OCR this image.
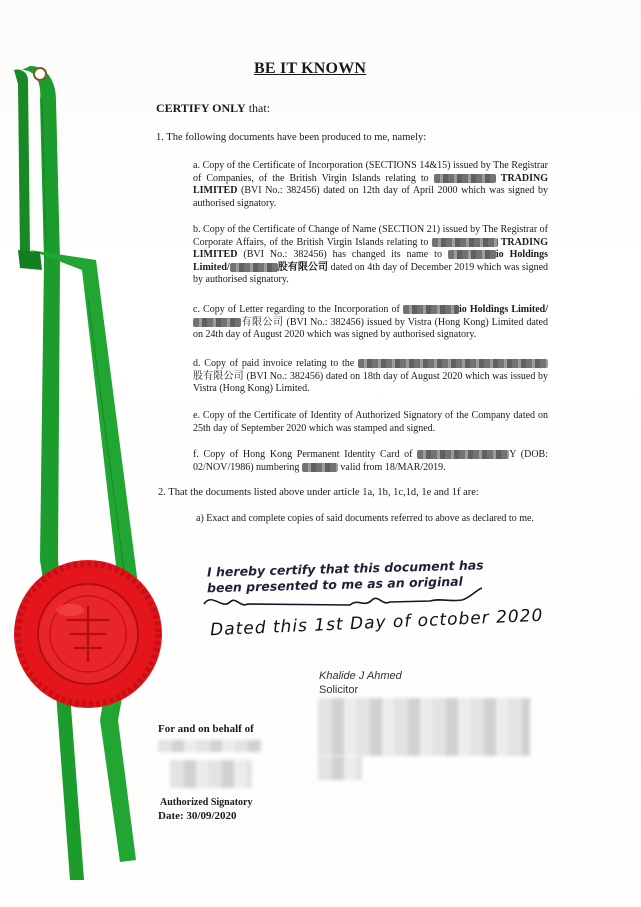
BE IT KNOWN
CERTIFY ONLY that:
1. The following documents have been produced to me, namely:
a. Copy of the Certificate of Incorporation (SECTIONS 14&15) issued by The Registrar of Companies, of the British Virgin Islands relating to	TRADING LIMITED (BVI No.: 382456) dated on 12th day of April 2000 which was signed by authorised signatory.
b. Copy of the Certificate of Change of Name (SECTION 21) issued by The Registrar of Corporate Affairs, of the British Virgin Islands relating to	TRADING LIMITED (BVI No.: 382456) has changed its name to	io Holdings Limited/	股有限公司 dated on 4th day of December 2019 which was signed by authorised signatory.
c. Copy of Letter regarding to the Incorporation of	io Holdings Limited/ 有限公司 (BVI No.: 382456) issued by Vistra (Hong Kong) Limited dated on 24th day of August 2020 which was signed by authorised signatory.
d. Copy of paid invoice relating to the  股有限公司 (BVI No.: 382456) dated on 18th day of August 2020 which was issued by Vistra (Hong Kong) Limited.
e. Copy of the Certificate of Identity of Authorized Signatory of the Company dated on 25th day of September 2020 which was stamped and signed.
f. Copy of Hong Kong Permanent Identity Card of	Y (DOB: 02/NOV/1986) numbering	valid from 18/MAR/2019.
2. That the documents listed above under article 1a, 1b, 1c,1d, 1e and 1f are:
a) Exact and complete copies of said documents referred to above as declared to me.
I hereby certify that this document has
been presented to me as an original
Dated this 1st Day of october 2020
Khalide J Ahmed
Solicitor
For and on behalf of
Authorized Signatory
Date: 30/09/2020
